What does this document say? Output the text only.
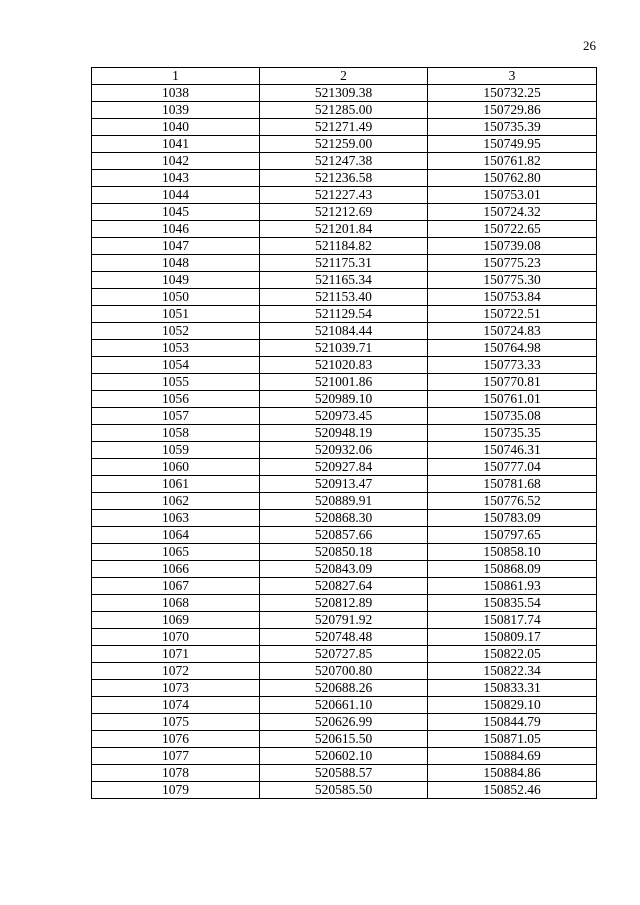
26
1	2	3
1038	521309.38	150732.25
1039	521285.00	150729.86
1040	521271.49	150735.39
1041	521259.00	150749.95
1042	521247.38	150761.82
1043	521236.58	150762.80
1044	521227.43	150753.01
1045	521212.69	150724.32
1046	521201.84	150722.65
1047	521184.82	150739.08
1048	521175.31	150775.23
1049	521165.34	150775.30
1050	521153.40	150753.84
1051	521129.54	150722.51
1052	521084.44	150724.83
1053	521039.71	150764.98
1054	521020.83	150773.33
1055	521001.86	150770.81
1056	520989.10	150761.01
1057	520973.45	150735.08
1058	520948.19	150735.35
1059	520932.06	150746.31
1060	520927.84	150777.04
1061	520913.47	150781.68
1062	520889.91	150776.52
1063	520868.30	150783.09
1064	520857.66	150797.65
1065	520850.18	150858.10
1066	520843.09	150868.09
1067	520827.64	150861.93
1068	520812.89	150835.54
1069	520791.92	150817.74
1070	520748.48	150809.17
1071	520727.85	150822.05
1072	520700.80	150822.34
1073	520688.26	150833.31
1074	520661.10	150829.10
1075	520626.99	150844.79
1076	520615.50	150871.05
1077	520602.10	150884.69
1078	520588.57	150884.86
1079	520585.50	150852.46
